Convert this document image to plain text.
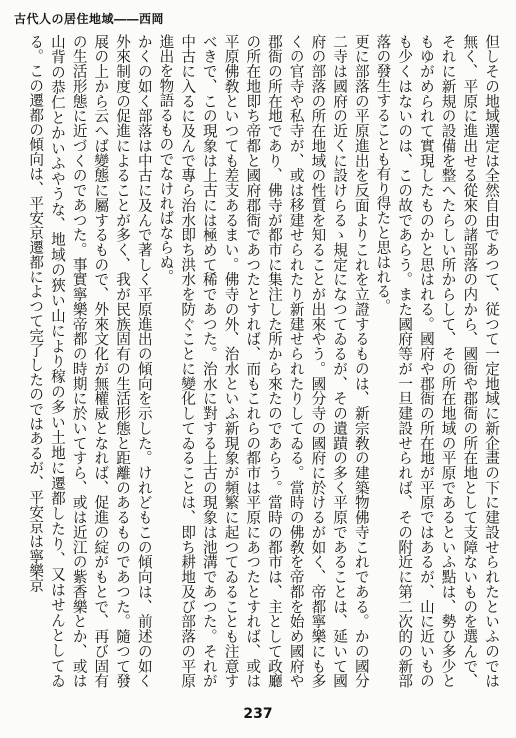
古代人の居住地域――西岡

但しその地域選定は全然自由であつて、従つて一定地域に新企畫の下に建設せられたといふのでは無く、平原に進出せる從來の諸部落の内から、國衙や郡衙の所在地として支障ないものを選んで、それに新規の設備を整へたらしい所からして、その所在地域の平原であるといふ點は、勢ひ多少ともゆがめられて實現したものかと思はれる。國府や郡衙の所在地が平原ではあるが、山に近いものも少くはないのは、この故であらう。また國府等が一旦建設せられば、その附近に第二次的の新部落の發生することも有り得たと思はれる。

更に部落の平原進出を反面よりこれを立證するものは、新宗敎の建築物佛寺これである。かの國分二寺は國府の近くに設けらるゝ規定になつてゐるが、その遺蹟の多く平原であることは、延いて國府の部落の所在地域の性質を知ることが出來やう。國分寺の國府に於けるが如く、帝都寧樂にも多くの官寺や私寺が、或は移建せられたり新建せられたりしてゐる。當時の佛敎を帝都を始め國府や郡衙の所在地であり、佛寺が都市に集注した所から來たのであらう。當時の都市は、主として政廳の所在地即ち帝都と國府郡衙であつたとすれば、而もこれらの都市は平原にあつたとすれば、或は平原佛敎といつても差支あるまい。佛寺の外、治水といふ新現象が頻繁に起つてゐることも注意すべきで、この現象は上古には極めて稀であつた。治水に對する上古の現象は池溝であつた。それが中古に入るに及んで專ら治水即ち洪水を防ぐことに變化してゐることは、即ち耕地及び部落の平原進出を物語るものでなければならぬ。

かくの如く部落は中古に及んで著しく平原進出の傾向を示した。けれどもこの傾向は、前述の如く外來制度の促進によることが多く、我が民族固有の生活形態と距離のあるものであつた。隨つて發展の上から云へば變態に屬するもので、外來文化が無權威となれば、促進の綻がもとで、再び固有の生活形態に近づくのであつた。事實寧樂帝都の時期に於いてすら、或は近江の紫香樂とか、或は山背の恭仁とかいふやうな、地域の狹い山により稼の多い土地に遷都したり、又はせんとしてゐる。この遷都の傾向は、平安京遷都によつて完了したのではあるが、平安京は寧樂京

237
